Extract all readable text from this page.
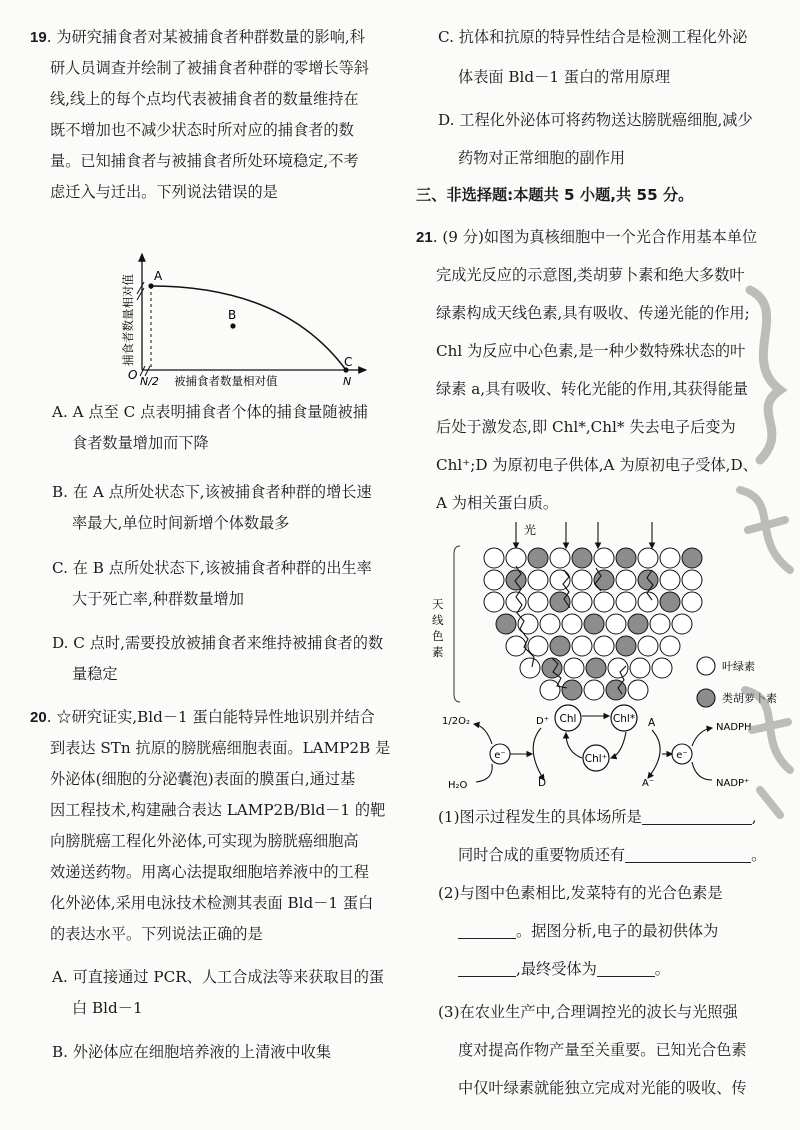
19. 为研究捕食者对某被捕食者种群数量的影响,科

研人员调查并绘制了被捕食者种群的零增长等斜

线,线上的每个点均代表被捕食者的数量维持在

既不增加也不减少状态时所对应的捕食者的数

量。已知捕食者与被捕食者所处环境稳定,不考

虑迁入与迁出。下列说法错误的是

A
B
C
O N/2 被捕食者数量相对值	N
捕食者数量相对值

A. A 点至 C 点表明捕食者个体的捕食量随被捕

食者数量增加而下降

B. 在 A 点所处状态下,该被捕食者种群的增长速

率最大,单位时间新增个体数最多

C. 在 B 点所处状态下,该被捕食者种群的出生率

大于死亡率,种群数量增加

D. C 点时,需要投放被捕食者来维持被捕食者的数

量稳定

20. ☆研究证实,Bld－1 蛋白能特异性地识别并结合

到表达 STn 抗原的膀胱癌细胞表面。LAMP2B 是

外泌体(细胞的分泌囊泡)表面的膜蛋白,通过基

因工程技术,构建融合表达 LAMP2B/Bld－1 的靶

向膀胱癌工程化外泌体,可实现为膀胱癌细胞高

效递送药物。用离心法提取细胞培养液中的工程

化外泌体,采用电泳技术检测其表面 Bld－1 蛋白

的表达水平。下列说法正确的是

A. 可直接通过 PCR、人工合成法等来获取目的蛋

白 Bld－1

B. 外泌体应在细胞培养液的上清液中收集

C. 抗体和抗原的特异性结合是检测工程化外泌

体表面 Bld－1 蛋白的常用原理

D. 工程化外泌体可将药物送达膀胱癌细胞,减少

药物对正常细胞的副作用

三、非选择题:本题共 5 小题,共 55 分。

21. (9 分)如图为真核细胞中一个光合作用基本单位

完成光反应的示意图,类胡萝卜素和绝大多数叶

绿素构成天线色素,具有吸收、传递光能的作用;

Chl 为反应中心色素,是一种少数特殊状态的叶

绿素 a,具有吸收、转化光能的作用,其获得能量

后处于激发态,即 Chl*,Chl* 失去电子后变为

Chl⁺;D 为原初电子供体,A 为原初电子受体,D、

A 为相关蛋白质。

天
线
色
素
光
Chl	Chl*
Chl⁺
D⁺
D
A
A⁻
1/2O₂
H₂O
e⁻	e⁻
NADPH
NADP⁺
叶绿素
类胡萝卜素

(1)图示过程发生的具体场所是	,

同时合成的重要物质还有	。

(2)与图中色素相比,发菜特有的光合色素是

。据图分析,电子的最初供体为

,最终受体为	。

(3)在农业生产中,合理调控光的波长与光照强

度对提高作物产量至关重要。已知光合色素

中仅叶绿素就能独立完成对光能的吸收、传
